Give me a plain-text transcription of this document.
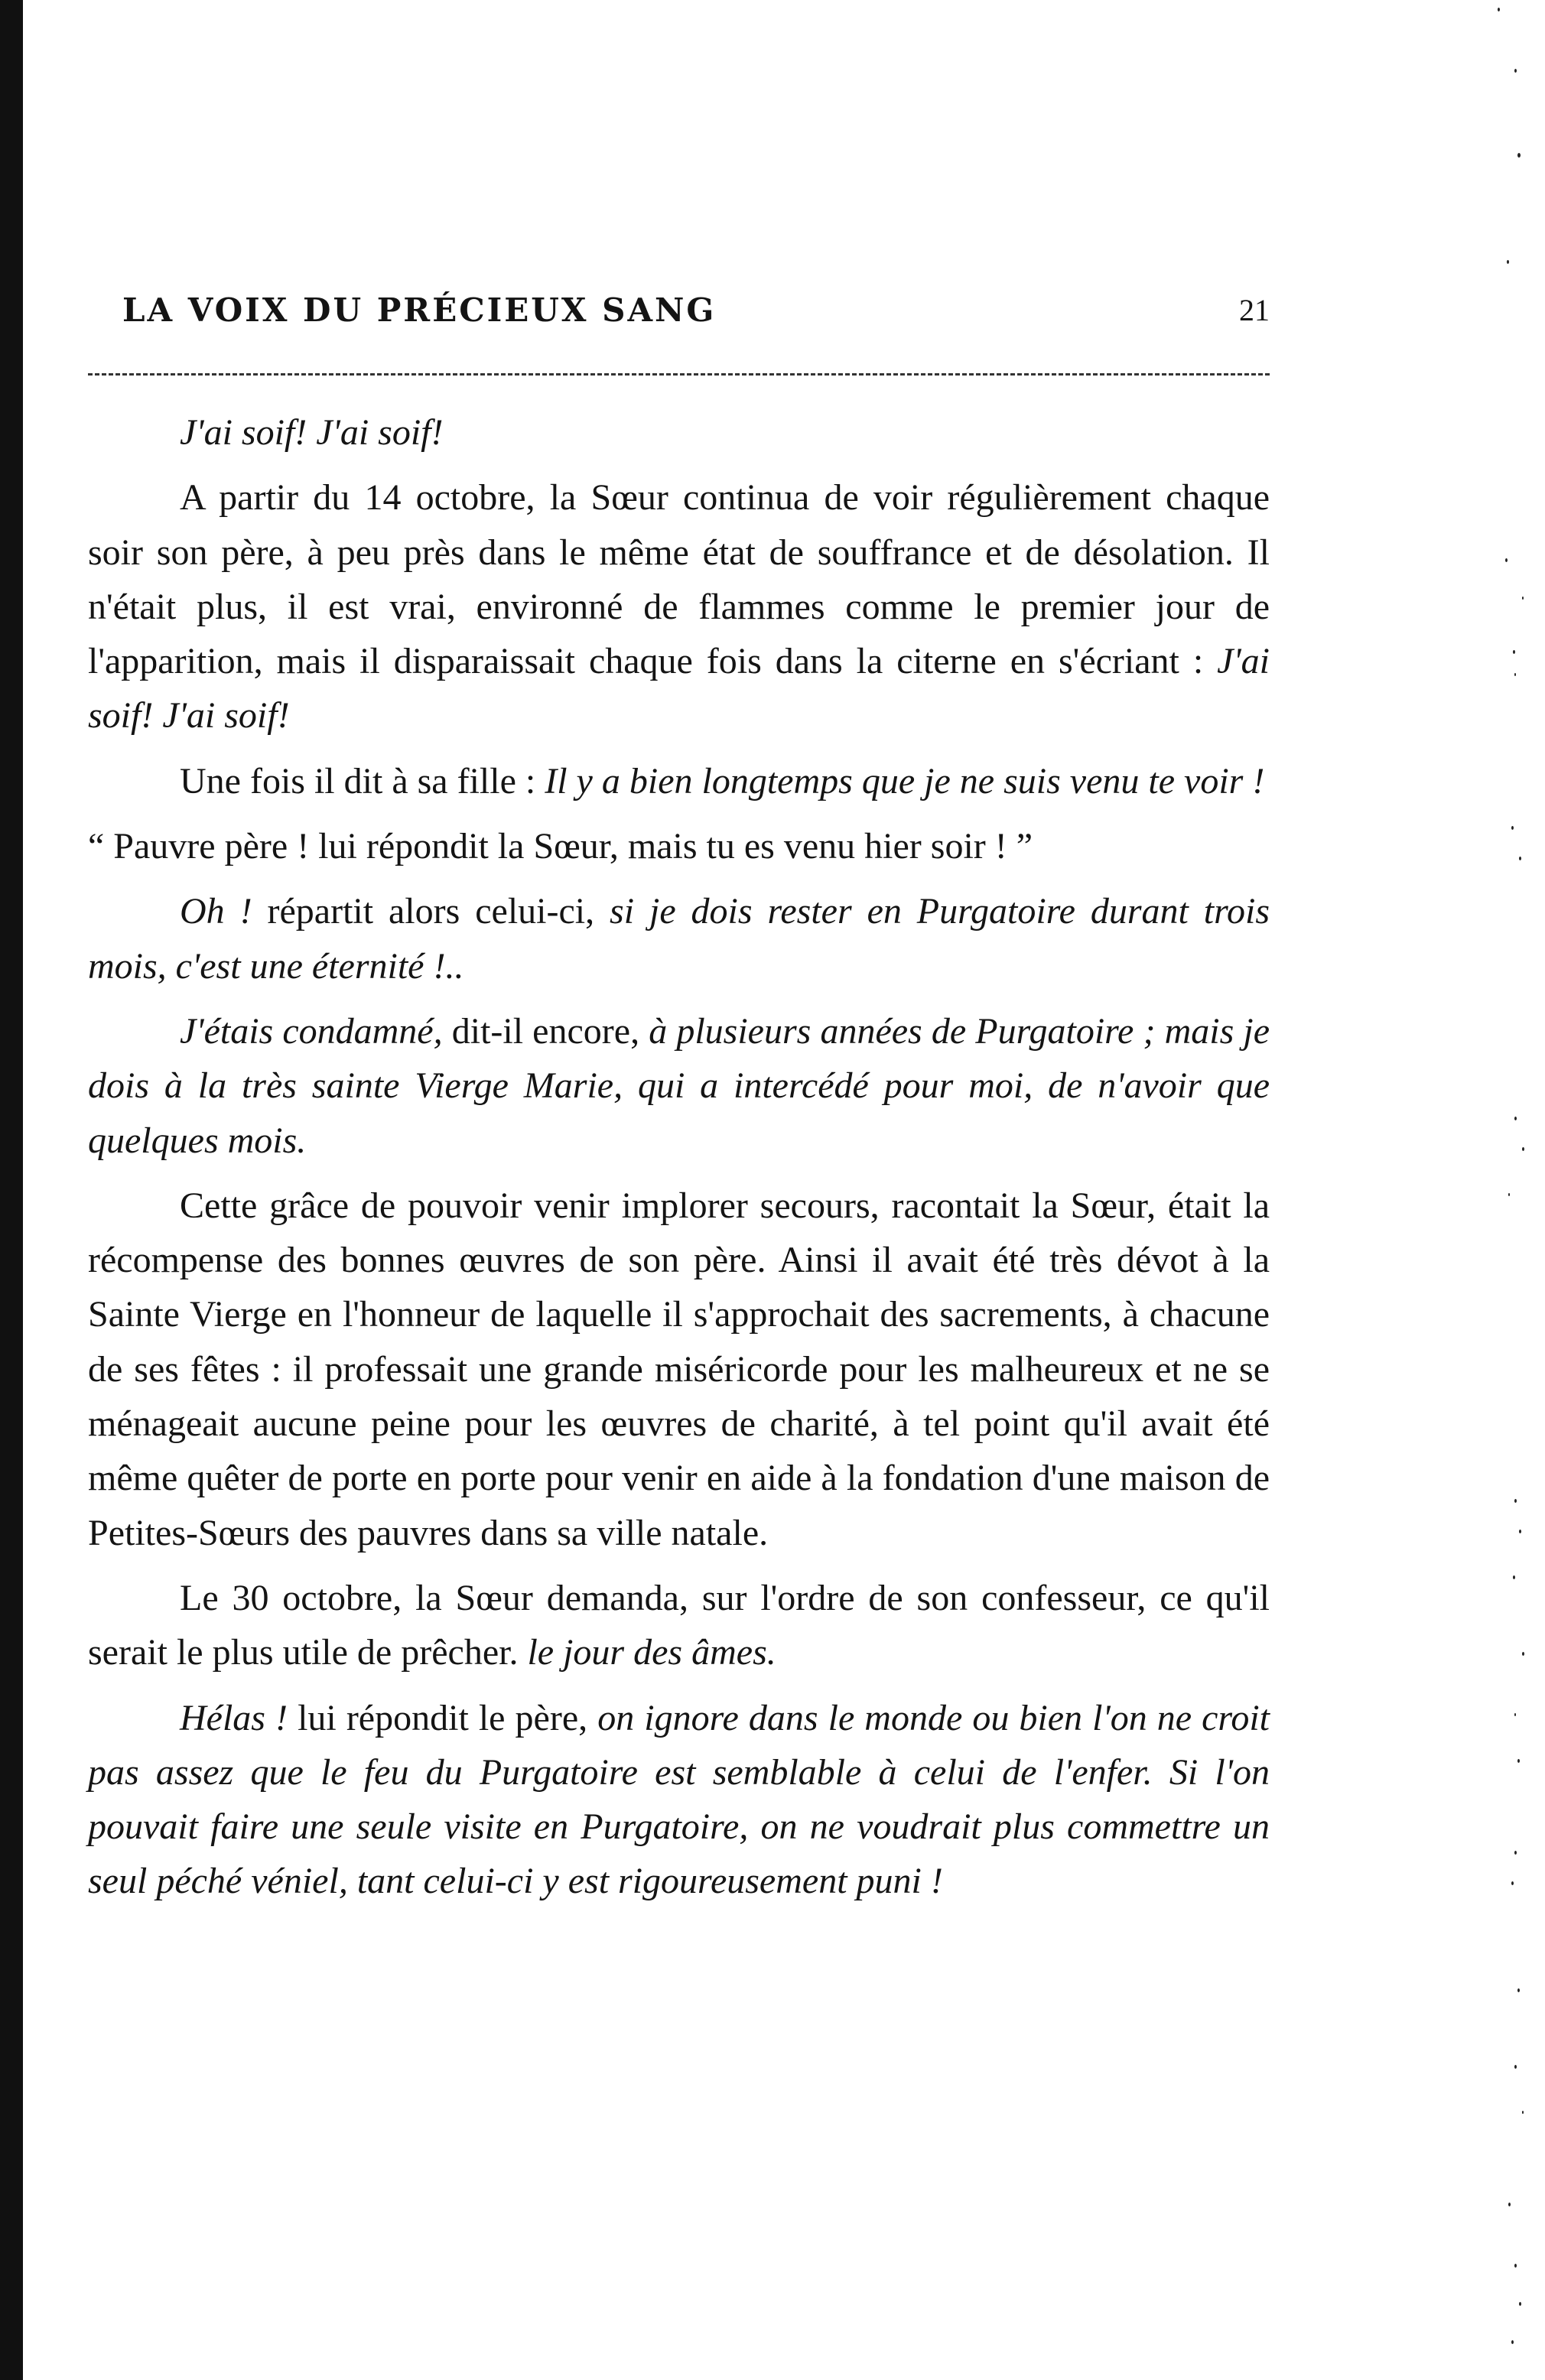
LA VOIX DU PRÉCIEUX SANG	21

J'ai soif! J'ai soif!

A partir du 14 octobre, la Sœur continua de voir régulièrement chaque soir son père, à peu près dans le même état de souffrance et de désolation. Il n'était plus, il est vrai, environné de flammes comme le premier jour de l'apparition, mais il disparaissait chaque fois dans la citerne en s'écriant : J'ai soif! J'ai soif!

Une fois il dit à sa fille : Il y a bien longtemps que je ne suis venu te voir !

“ Pauvre père ! lui répondit la Sœur, mais tu es venu hier soir ! ”

Oh ! répartit alors celui-ci, si je dois rester en Purgatoire durant trois mois, c'est une éternité !..

J'étais condamné, dit-il encore, à plusieurs années de Purgatoire ; mais je dois à la très sainte Vierge Marie, qui a intercédé pour moi, de n'avoir que quelques mois.

Cette grâce de pouvoir venir implorer secours, racontait la Sœur, était la récompense des bonnes œuvres de son père. Ainsi il avait été très dévot à la Sainte Vierge en l'honneur de laquelle il s'approchait des sacrements, à chacune de ses fêtes : il professait une grande miséricorde pour les malheureux et ne se ménageait aucune peine pour les œuvres de charité, à tel point qu'il avait été même quêter de porte en porte pour venir en aide à la fondation d'une maison de Petites-Sœurs des pauvres dans sa ville natale.

Le 30 octobre, la Sœur demanda, sur l'ordre de son confesseur, ce qu'il serait le plus utile de prêcher. le jour des âmes.

Hélas ! lui répondit le père, on ignore dans le monde ou bien l'on ne croit pas assez que le feu du Purgatoire est semblable à celui de l'enfer. Si l'on pouvait faire une seule visite en Purgatoire, on ne voudrait plus commettre un seul péché véniel, tant celui-ci y est rigoureusement puni !
